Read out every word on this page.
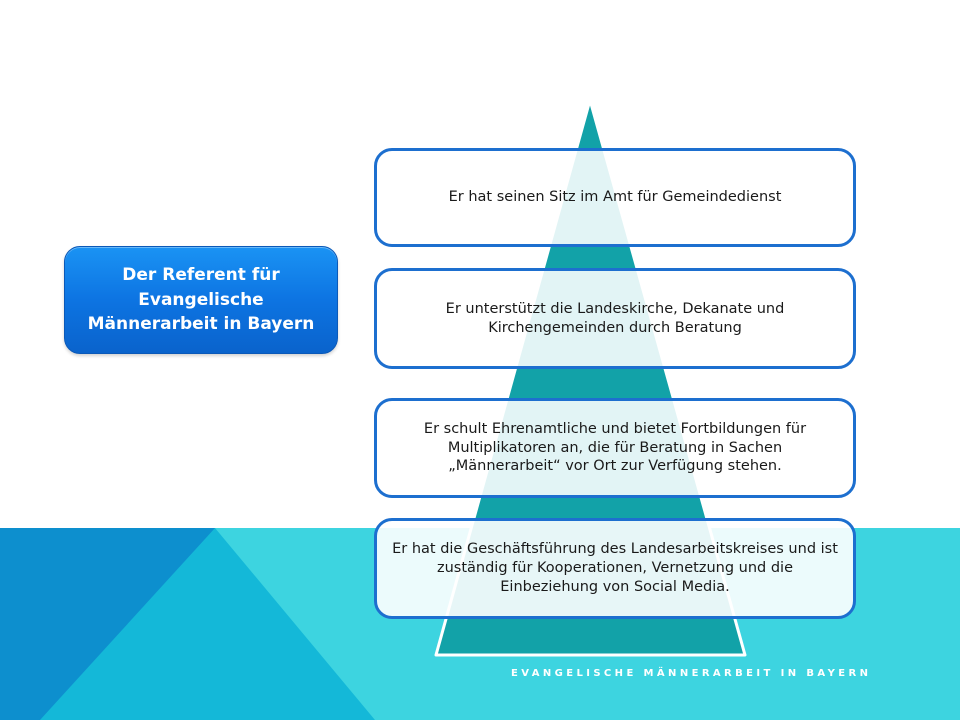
Der Referent für Evangelische Männerarbeit in Bayern
Er hat seinen Sitz im Amt für Gemeindedienst
Er unterstützt die Landeskirche, Dekanate und Kirchengemeinden durch Beratung
Er schult Ehrenamtliche und bietet Fortbildungen für Multiplikatoren an, die für Beratung in Sachen „Männerarbeit“ vor Ort zur Verfügung stehen.
Er hat die Geschäftsführung des Landesarbeitskreises und ist zuständig für Kooperationen, Vernetzung und die Einbeziehung von Social Media.
EVANGELISCHE MÄNNERARBEIT IN BAYERN
